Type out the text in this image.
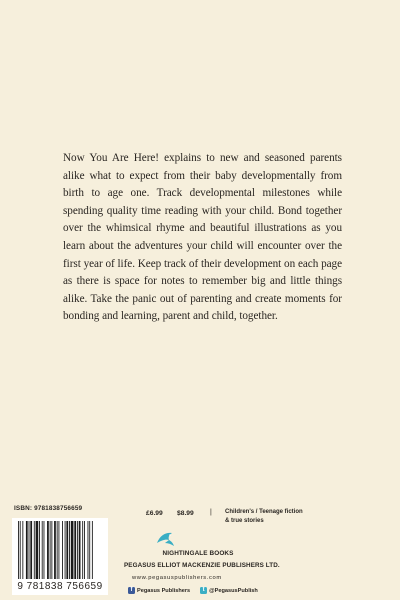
Now You Are Here! explains to new and seasoned parents alike what to expect from their baby developmentally from birth to age one. Track developmental milestones while spending quality time reading with your child. Bond together over the whimsical rhyme and beautiful illustrations as you learn about the adventures your child will encounter over the first year of life. Keep track of their development on each page as there is space for notes to remember big and little things alike. Take the panic out of parenting and create moments for bonding and learning, parent and child, together.
ISBN: 9781838756659
9 781838 756659
£6.99 $8.99 | Children's / Teenage fiction & true stories
NIGHTINGALE BOOKS
PEGASUS ELLIOT MACKENZIE PUBLISHERS LTD.
www.pegasuspublishers.com
f Pegasus Publishers	t @PegasusPublish
